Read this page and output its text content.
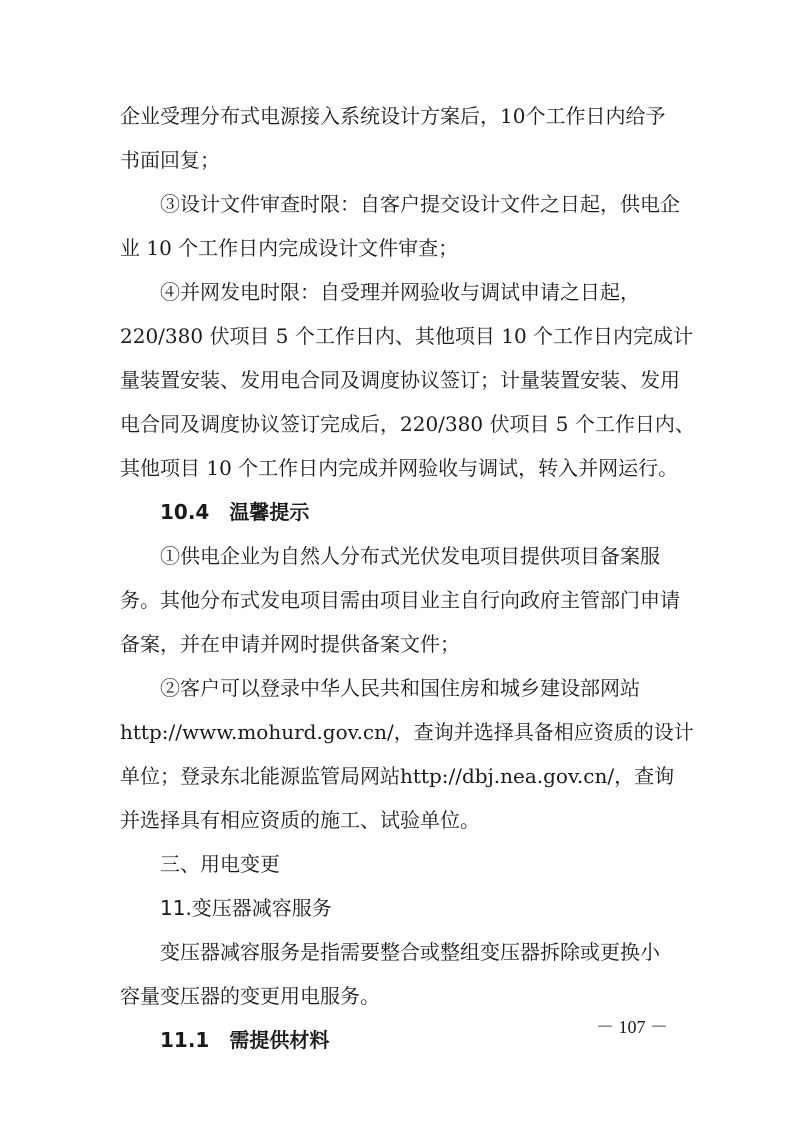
企业受理分布式电源接入系统设计方案后，10个工作日内给予
书面回复；
③设计文件审查时限：自客户提交设计文件之日起，供电企
业 10 个工作日内完成设计文件审查；
④并网发电时限：自受理并网验收与调试申请之日起，
220/380 伏项目 5 个工作日内、其他项目 10 个工作日内完成计
量装置安装、发用电合同及调度协议签订；计量装置安装、发用
电合同及调度协议签订完成后，220/380 伏项目 5 个工作日内、
其他项目 10 个工作日内完成并网验收与调试，转入并网运行。
10.4　温馨提示
①供电企业为自然人分布式光伏发电项目提供项目备案服
务。其他分布式发电项目需由项目业主自行向政府主管部门申请
备案，并在申请并网时提供备案文件；
②客户可以登录中华人民共和国住房和城乡建设部网站
http://www.mohurd.gov.cn/，查询并选择具备相应资质的设计
单位；登录东北能源监管局网站http://dbj.nea.gov.cn/，查询
并选择具有相应资质的施工、试验单位。
三、用电变更
11.变压器减容服务
变压器减容服务是指需要整合或整组变压器拆除或更换小
容量变压器的变更用电服务。
11.1　需提供材料
－ 107 －
